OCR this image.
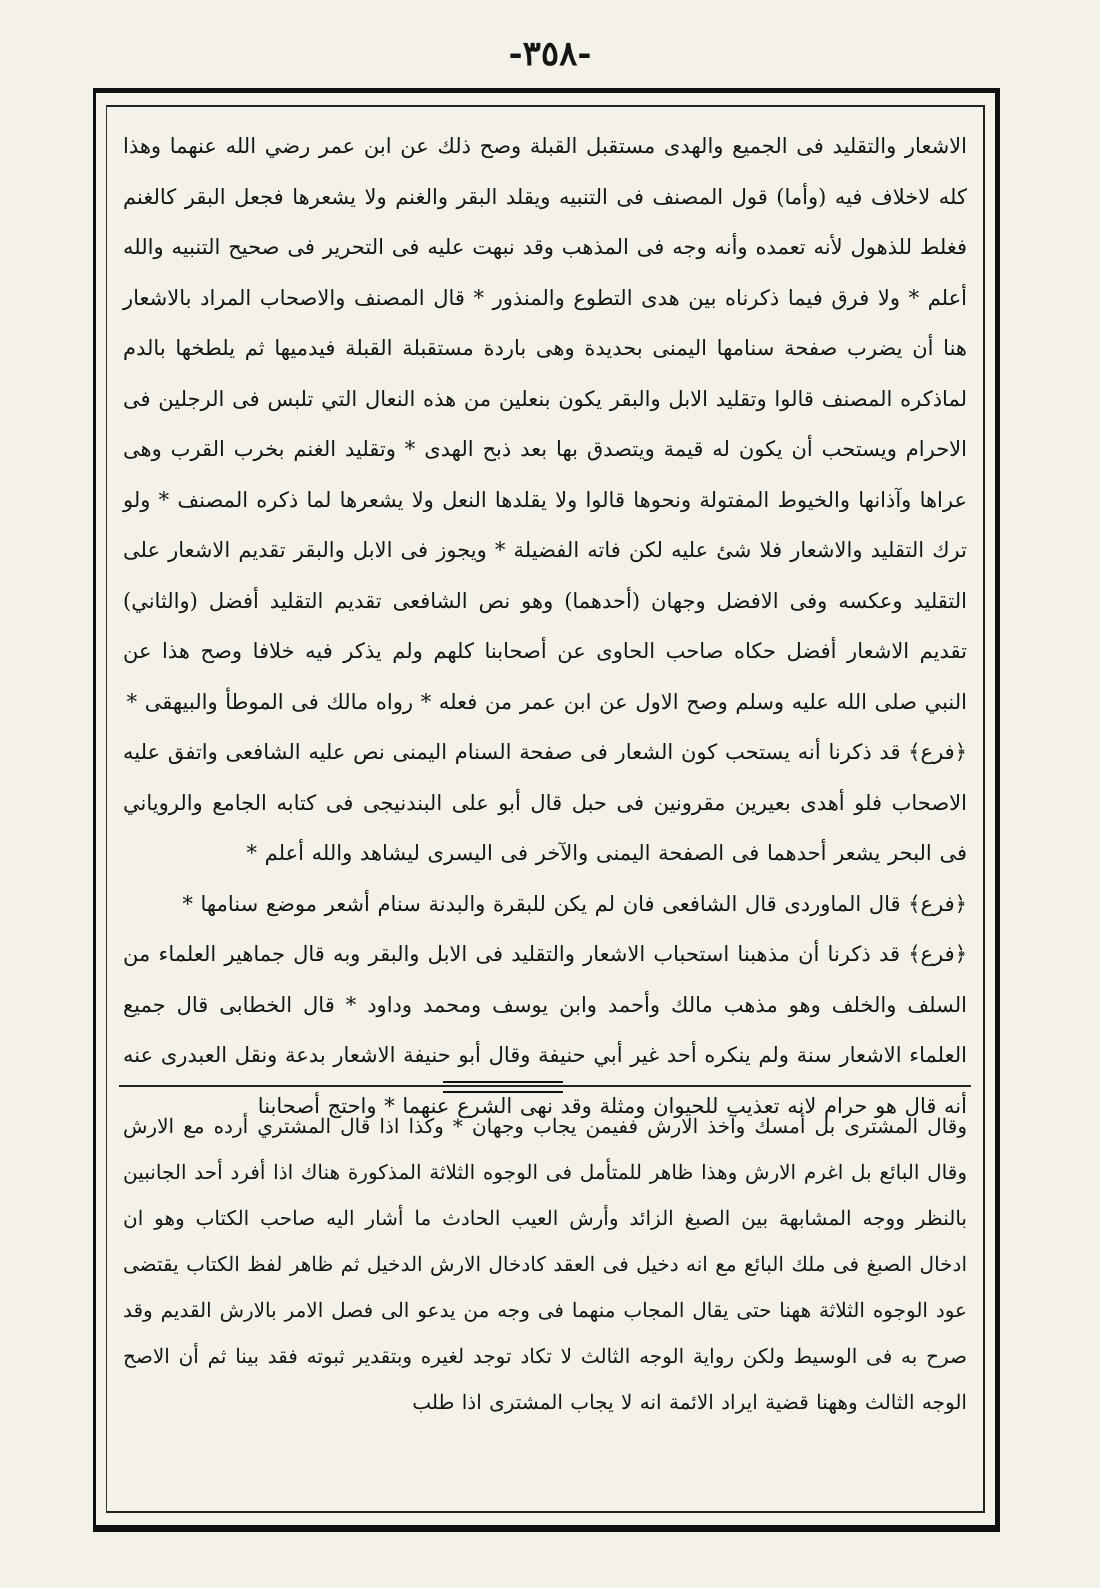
-٣٥٨-

الاشعار والتقليد فى الجميع والهدى مستقبل القبلة وصح ذلك عن ابن عمر رضي الله عنهما وهذا كله لاخلاف فيه (وأما) قول المصنف فى التنبيه ويقلد البقر والغنم ولا يشعرها فجعل البقر كالغنم فغلط للذهول لأنه تعمده وأنه وجه فى المذهب وقد نبهت عليه فى التحرير فى صحيح التنبيه والله أعلم * ولا فرق فيما ذكرناه بين هدى التطوع والمنذور * قال المصنف والاصحاب المراد بالاشعار هنا أن يضرب صفحة سنامها اليمنى بحديدة وهى باردة مستقبلة القبلة فيدميها ثم يلطخها بالدم لماذكره المصنف قالوا وتقليد الابل والبقر يكون بنعلين من هذه النعال التي تلبس فى الرجلين فى الاحرام ويستحب أن يكون له قيمة ويتصدق بها بعد ذبح الهدى * وتقليد الغنم بخرب القرب وهى عراها وآذانها والخيوط المفتولة ونحوها قالوا ولا يقلدها النعل ولا يشعرها لما ذكره المصنف * ولو ترك التقليد والاشعار فلا شئ عليه لكن فاته الفضيلة * ويجوز فى الابل والبقر تقديم الاشعار على التقليد وعكسه وفى الافضل وجهان (أحدهما) وهو نص الشافعى تقديم التقليد أفضل (والثاني) تقديم الاشعار أفضل حكاه صاحب الحاوى عن أصحابنا كلهم ولم يذكر فيه خلافا وصح هذا عن النبي صلى الله عليه وسلم وصح الاول عن ابن عمر من فعله * رواه مالك فى الموطأ والبيهقى *

﴿فرع﴾ قد ذكرنا أنه يستحب كون الشعار فى صفحة السنام اليمنى نص عليه الشافعى واتفق عليه الاصحاب فلو أهدى بعيرين مقرونين فى حبل قال أبو على البندنيجى فى كتابه الجامع والروياني فى البحر يشعر أحدهما فى الصفحة اليمنى والآخر فى اليسرى ليشاهد والله أعلم *

﴿فرع﴾ قال الماوردى قال الشافعى فان لم يكن للبقرة والبدنة سنام أشعر موضع سنامها *

﴿فرع﴾ قد ذكرنا أن مذهبنا استحباب الاشعار والتقليد فى الابل والبقر وبه قال جماهير العلماء من السلف والخلف وهو مذهب مالك وأحمد وابن يوسف ومحمد وداود * قال الخطابى قال جميع العلماء الاشعار سنة ولم ينكره أحد غير أبي حنيفة وقال أبو حنيفة الاشعار بدعة ونقل العبدرى عنه أنه قال هو حرام لانه تعذيب للحيوان ومثلة وقد نهى الشرع عنهما * واحتج أصحابنا

وقال المشترى بل أمسك وآخذ الارش ففيمن يجاب وجهان * وكذا اذا قال المشتري أرده مع الارش وقال البائع بل اغرم الارش وهذا ظاهر للمتأمل فى الوجوه الثلاثة المذكورة هناك اذا أفرد أحد الجانبين بالنظر ووجه المشابهة بين الصبغ الزائد وأرش العيب الحادث ما أشار اليه صاحب الكتاب وهو ان ادخال الصبغ فى ملك البائع مع انه دخيل فى العقد كادخال الارش الدخيل ثم ظاهر لفظ الكتاب يقتضى عود الوجوه الثلاثة ههنا حتى يقال المجاب منهما فى وجه من يدعو الى فصل الامر بالارش القديم وقد صرح به فى الوسيط ولكن رواية الوجه الثالث لا تكاد توجد لغيره وبتقدير ثبوته فقد بينا ثم أن الاصح الوجه الثالث وههنا قضية ايراد الائمة انه لا يجاب المشترى اذا طلب
